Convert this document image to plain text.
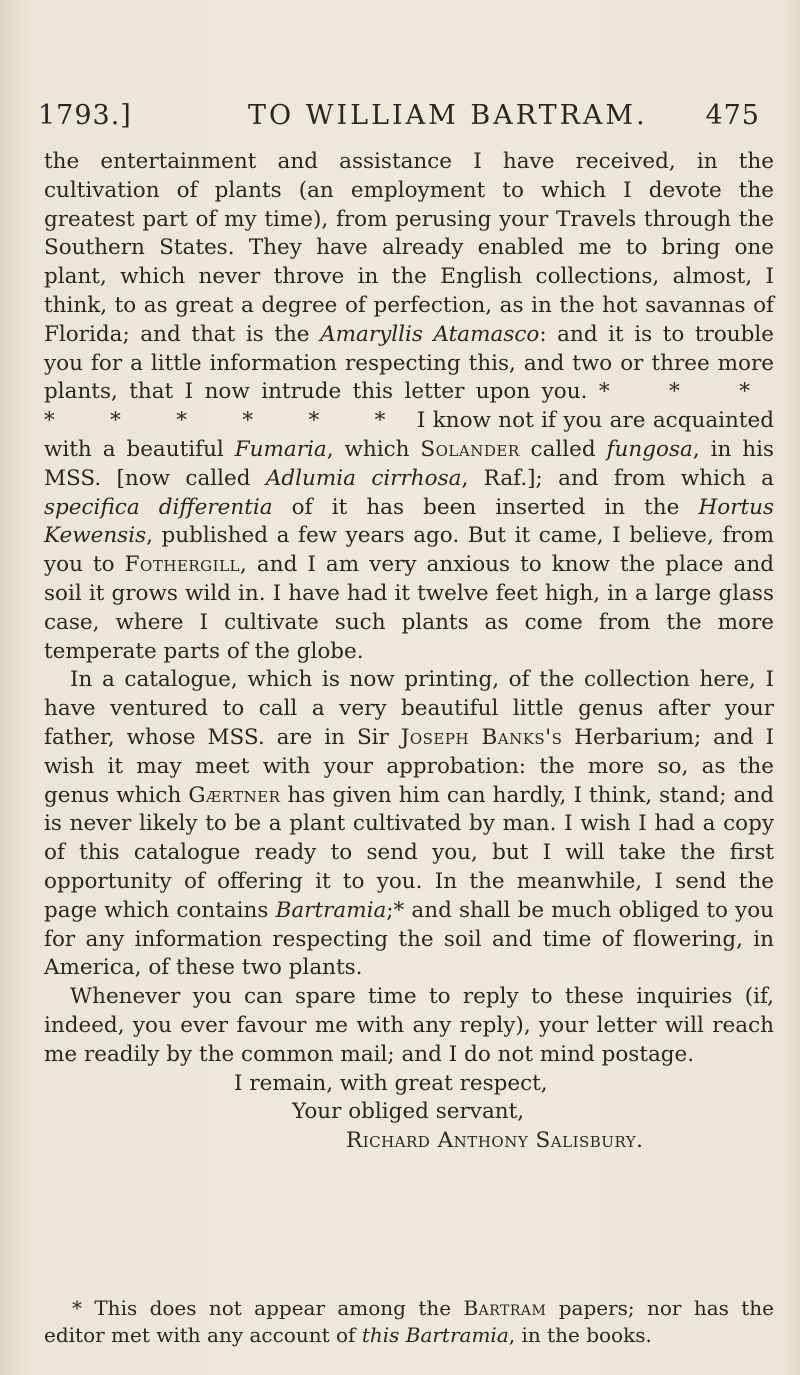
1793.]	TO WILLIAM BARTRAM. 475

the entertainment and assistance I have received, in the cultivation of plants (an employment to which I devote the greatest part of my time), from perusing your Travels through the Southern States. They have already enabled me to bring one plant, which never throve in the English collections, almost, I think, to as great a degree of perfection, as in the hot savannas of Florida; and that is the Amaryllis Atamasco: and it is to trouble you for a little information respecting this, and two or three more plants, that I now intrude this letter upon you. * * * * * * * * * I know not if you are acquainted with a beautiful Fumaria, which Solander called fungosa, in his MSS. [now called Adlumia cirrhosa, Raf.]; and from which a specifica differentia of it has been inserted in the Hortus Kewensis, published a few years ago. But it came, I believe, from you to Fothergill, and I am very anxious to know the place and soil it grows wild in. I have had it twelve feet high, in a large glass case, where I cultivate such plants as come from the more temperate parts of the globe.

In a catalogue, which is now printing, of the collection here, I have ventured to call a very beautiful little genus after your father, whose MSS. are in Sir Joseph Banks's Herbarium; and I wish it may meet with your approbation: the more so, as the genus which Gærtner has given him can hardly, I think, stand; and is never likely to be a plant cultivated by man. I wish I had a copy of this catalogue ready to send you, but I will take the first opportunity of offering it to you. In the meanwhile, I send the page which contains Bartramia;* and shall be much obliged to you for any information respecting the soil and time of flowering, in America, of these two plants.

Whenever you can spare time to reply to these inquiries (if, indeed, you ever favour me with any reply), your letter will reach me readily by the common mail; and I do not mind postage.

I remain, with great respect,

Your obliged servant,

Richard Anthony Salisbury.

* This does not appear among the Bartram papers; nor has the editor met with any account of this Bartramia, in the books.
